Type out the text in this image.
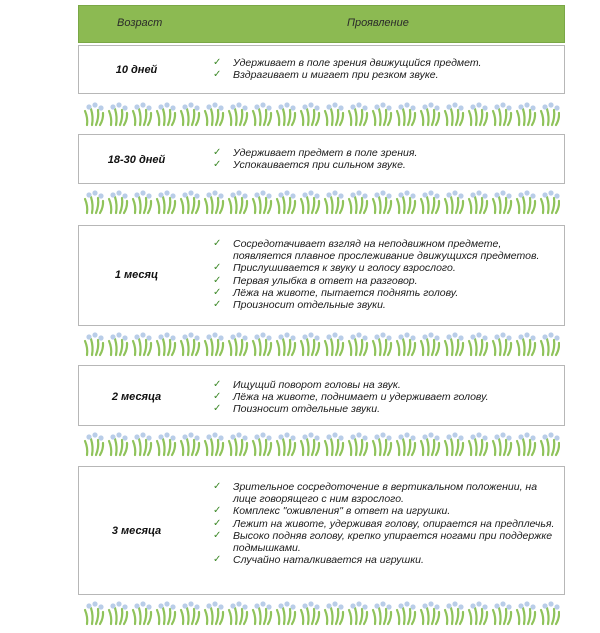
Возраст	Проявление
10 дней
✓ Удерживает в поле зрения движущийся предмет.
✓ Вздрагивает и мигает при резком звуке.
18-30 дней
✓ Удерживает предмет в поле зрения.
✓ Успокаивается при сильном звуке.
1 месяц
✓ Сосредотачивает взгляд на неподвижном предмете, появляется плавное прослеживание движущихся предметов.
✓ Прислушивается к звуку и голосу взрослого.
✓ Первая улыбка в ответ на разговор.
✓ Лёжа на животе, пытается поднять голову.
✓ Произносит отдельные звуки.
2 месяца
✓ Ищущий поворот головы на звук.
✓ Лёжа на животе, поднимает и удерживает голову.
✓ Поизносит отдельные звуки.
3 месяца
✓ Зрительное сосредоточение в вертикальном положении, на лице говорящего с ним взрослого.
✓ Комплекс "оживления" в ответ на игрушки.
✓ Лежит на животе, удерживая голову, опирается на предплечья.
✓ Высоко подняв голову, крепко упирается ногами при поддержке подмышками.
✓ Случайно наталкивается на игрушки.
